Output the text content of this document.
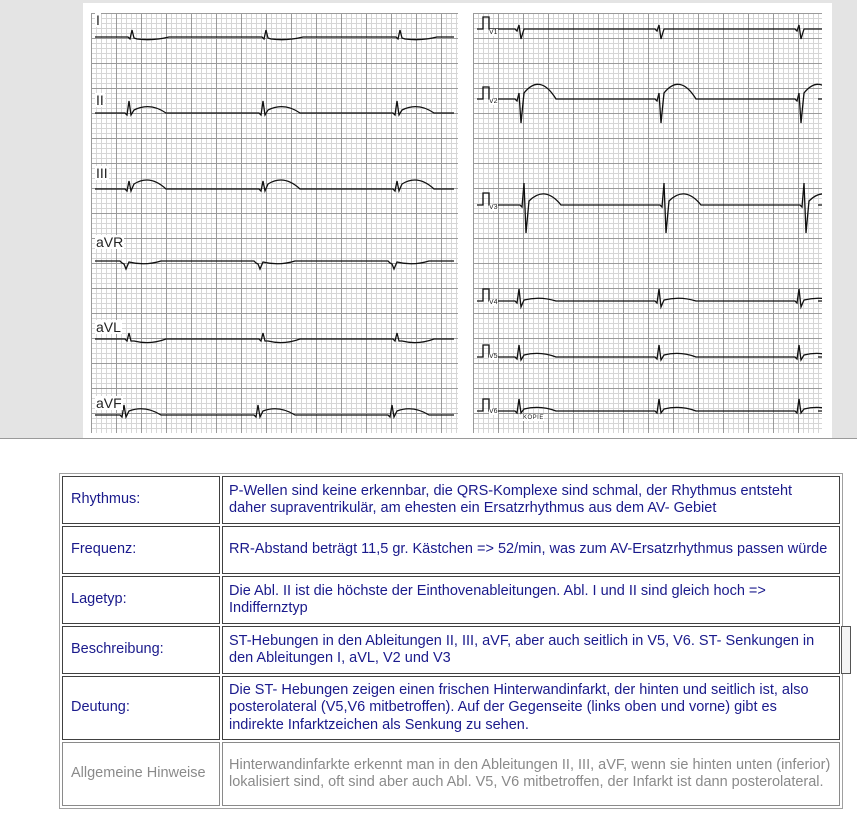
I
II
III
aVR
aVL
aVF
V1
V2
V3
V4
V5
V6
KOPIE
Rhythmus:	P-Wellen sind keine erkennbar, die QRS-Komplexe sind schmal, der Rhythmus entsteht daher supraventrikulär, am ehesten ein Ersatzrhythmus aus dem AV- Gebiet
Frequenz:	RR-Abstand beträgt 11,5 gr. Kästchen => 52/min, was zum AV-Ersatzrhythmus passen würde
Lagetyp:	Die Abl. II ist die höchste der Einthovenableitungen. Abl. I und II sind gleich hoch => Indiffernztyp
Beschreibung:	ST-Hebungen in den Ableitungen II, III, aVF, aber auch seitlich in V5, V6. ST- Senkungen in den Ableitungen I, aVL, V2 und V3
Deutung:	Die ST- Hebungen zeigen einen frischen Hinterwandinfarkt, der hinten und seitlich ist, also posterolateral (V5,V6 mitbetroffen). Auf der Gegenseite (links oben und vorne) gibt es indirekte Infarktzeichen als Senkung zu sehen.
Allgemeine Hinweise	Hinterwandinfarkte erkennt man in den Ableitungen II, III, aVF, wenn sie hinten unten (inferior) lokalisiert sind, oft sind aber auch Abl. V5, V6 mitbetroffen, der Infarkt ist dann posterolateral.
